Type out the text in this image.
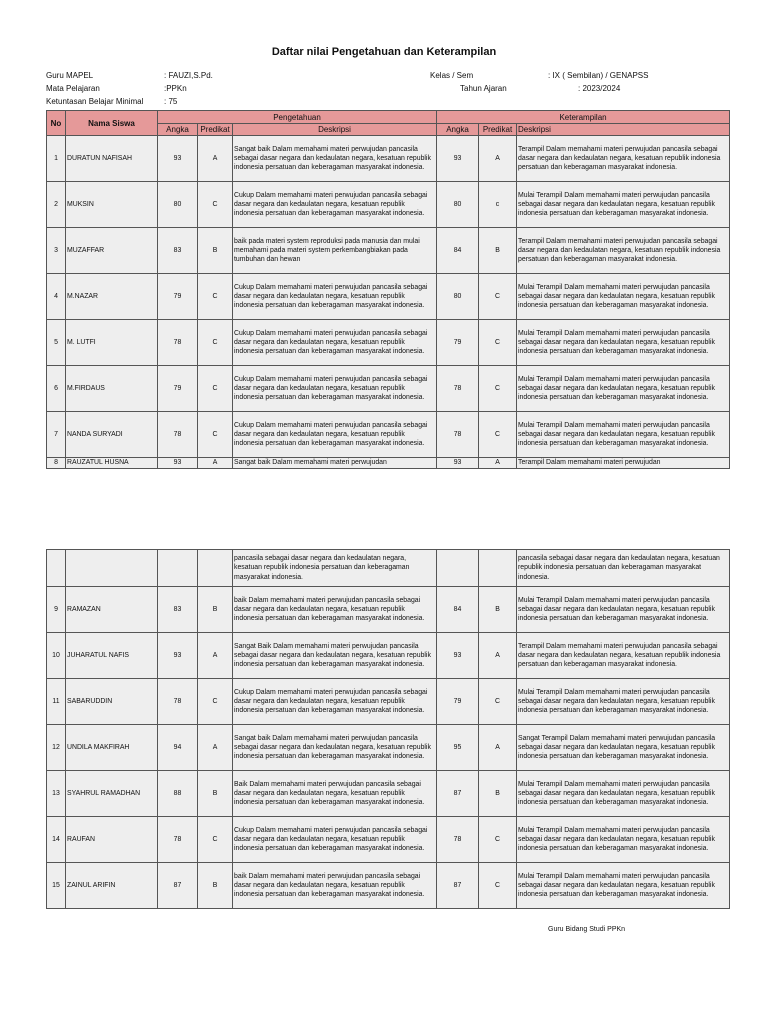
Daftar nilai Pengetahuan dan Keterampilan
Guru MAPEL	: FAUZI,S.Pd.
Mata Pelajaran	:PPKn
Ketuntasan Belajar Minimal	: 75
Kelas / Sem	: IX ( Sembilan) / GENAPSS
Tahun Ajaran	: 2023/2024
No	Nama Siswa	Pengetahuan			Keterampilan		
		Angka	Predikat	Deskripsi	Angka	Predikat	Deskripsi
1	DURATUN NAFISAH	93	A	Sangat baik Dalam memahami materi perwujudan pancasila sebagai dasar negara dan kedaulatan negara, kesatuan republik indonesia persatuan dan keberagaman masyarakat indonesia.	93	A	Terampil Dalam memahami materi perwujudan pancasila sebagai dasar negara dan kedaulatan negara, kesatuan republik indonesia persatuan dan keberagaman masyarakat indonesia.
2	MUKSIN	80	C	Cukup Dalam memahami materi perwujudan pancasila sebagai dasar negara dan kedaulatan negara, kesatuan republik indonesia persatuan dan keberagaman masyarakat indonesia.	80	c	Mulai Terampil Dalam memahami materi perwujudan pancasila sebagai dasar negara dan kedaulatan negara, kesatuan republik indonesia persatuan dan keberagaman masyarakat indonesia.
3	MUZAFFAR	83	B	baik pada materi system reproduksi pada manusia dan mulai memahami pada materi system perkembangbiakan pada tumbuhan dan hewan	84	B	Terampil Dalam memahami materi perwujudan pancasila sebagai dasar negara dan kedaulatan negara, kesatuan republik indonesia persatuan dan keberagaman masyarakat indonesia.
4	M.NAZAR	79	C	Cukup Dalam memahami materi perwujudan pancasila sebagai dasar negara dan kedaulatan negara, kesatuan republik indonesia persatuan dan keberagaman masyarakat indonesia.	80	C	Mulai Terampil Dalam memahami materi perwujudan pancasila sebagai dasar negara dan kedaulatan negara, kesatuan republik indonesia persatuan dan keberagaman masyarakat indonesia.
5	M. LUTFI	78	C	Cukup Dalam memahami materi perwujudan pancasila sebagai dasar negara dan kedaulatan negara, kesatuan republik indonesia persatuan dan keberagaman masyarakat indonesia.	79	C	Mulai Terampil Dalam memahami materi perwujudan pancasila sebagai dasar negara dan kedaulatan negara, kesatuan republik indonesia persatuan dan keberagaman masyarakat indonesia.
6	M.FIRDAUS	79	C	Cukup Dalam memahami materi perwujudan pancasila sebagai dasar negara dan kedaulatan negara, kesatuan republik indonesia persatuan dan keberagaman masyarakat indonesia.	78	C	Mulai Terampil Dalam memahami materi perwujudan pancasila sebagai dasar negara dan kedaulatan negara, kesatuan republik indonesia persatuan dan keberagaman masyarakat indonesia.
7	NANDA SURYADI	78	C	Cukup Dalam memahami materi perwujudan pancasila sebagai dasar negara dan kedaulatan negara, kesatuan republik indonesia persatuan dan keberagaman masyarakat indonesia.	78	C	Mulai Terampil Dalam memahami materi perwujudan pancasila sebagai dasar negara dan kedaulatan negara, kesatuan republik indonesia persatuan dan keberagaman masyarakat indonesia.
8	RAUZATUL HUSNA	93	A	Sangat baik Dalam memahami materi perwujudan	93	A	Terampil Dalam memahami materi perwujudan
				pancasila sebagai dasar negara dan kedaulatan negara, kesatuan republik indonesia persatuan dan keberagaman masyarakat indonesia.			pancasila sebagai dasar negara dan kedaulatan negara, kesatuan republik indonesia persatuan dan keberagaman masyarakat indonesia.
9	RAMAZAN	83	B	baik Dalam memahami materi perwujudan pancasila sebagai dasar negara dan kedaulatan negara, kesatuan republik indonesia persatuan dan keberagaman masyarakat indonesia.	84	B	Mulai Terampil Dalam memahami materi perwujudan pancasila sebagai dasar negara dan kedaulatan negara, kesatuan republik indonesia persatuan dan keberagaman masyarakat indonesia.
10	JUHARATUL NAFIS	93	A	Sangat Baik Dalam memahami materi perwujudan pancasila sebagai dasar negara dan kedaulatan negara, kesatuan republik indonesia persatuan dan keberagaman masyarakat indonesia.	93	A	Terampil Dalam memahami materi perwujudan pancasila sebagai dasar negara dan kedaulatan negara, kesatuan republik indonesia persatuan dan keberagaman masyarakat indonesia.
11	SABARUDDIN	78	C	Cukup Dalam memahami materi perwujudan pancasila sebagai dasar negara dan kedaulatan negara, kesatuan republik indonesia persatuan dan keberagaman masyarakat indonesia.	79	C	Mulai Terampil Dalam memahami materi perwujudan pancasila sebagai dasar negara dan kedaulatan negara, kesatuan republik indonesia persatuan dan keberagaman masyarakat indonesia.
12	UNDILA MAKFIRAH	94	A	Sangat baik Dalam memahami materi perwujudan pancasila sebagai dasar negara dan kedaulatan negara, kesatuan republik indonesia persatuan dan keberagaman masyarakat indonesia.	95	A	Sangat Terampil Dalam memahami materi perwujudan pancasila sebagai dasar negara dan kedaulatan negara, kesatuan republik indonesia persatuan dan keberagaman masyarakat indonesia.
13	SYAHRUL RAMADHAN	88	B	Baik Dalam memahami materi perwujudan pancasila sebagai dasar negara dan kedaulatan negara, kesatuan republik indonesia persatuan dan keberagaman masyarakat indonesia.	87	B	Mulai Terampil Dalam memahami materi perwujudan pancasila sebagai dasar negara dan kedaulatan negara, kesatuan republik indonesia persatuan dan keberagaman masyarakat indonesia.
14	RAUFAN	78	C	Cukup Dalam memahami materi perwujudan pancasila sebagai dasar negara dan kedaulatan negara, kesatuan republik indonesia persatuan dan keberagaman masyarakat indonesia.	78	C	Mulai Terampil Dalam memahami materi perwujudan pancasila sebagai dasar negara dan kedaulatan negara, kesatuan republik indonesia persatuan dan keberagaman masyarakat indonesia.
15	ZAINUL ARIFIN	87	B	baik Dalam memahami materi perwujudan pancasila sebagai dasar negara dan kedaulatan negara, kesatuan republik indonesia persatuan dan keberagaman masyarakat indonesia.	87	C	Mulai Terampil Dalam memahami materi perwujudan pancasila sebagai dasar negara dan kedaulatan negara, kesatuan republik indonesia persatuan dan keberagaman masyarakat indonesia.
Guru Bidang Studi PPKn
